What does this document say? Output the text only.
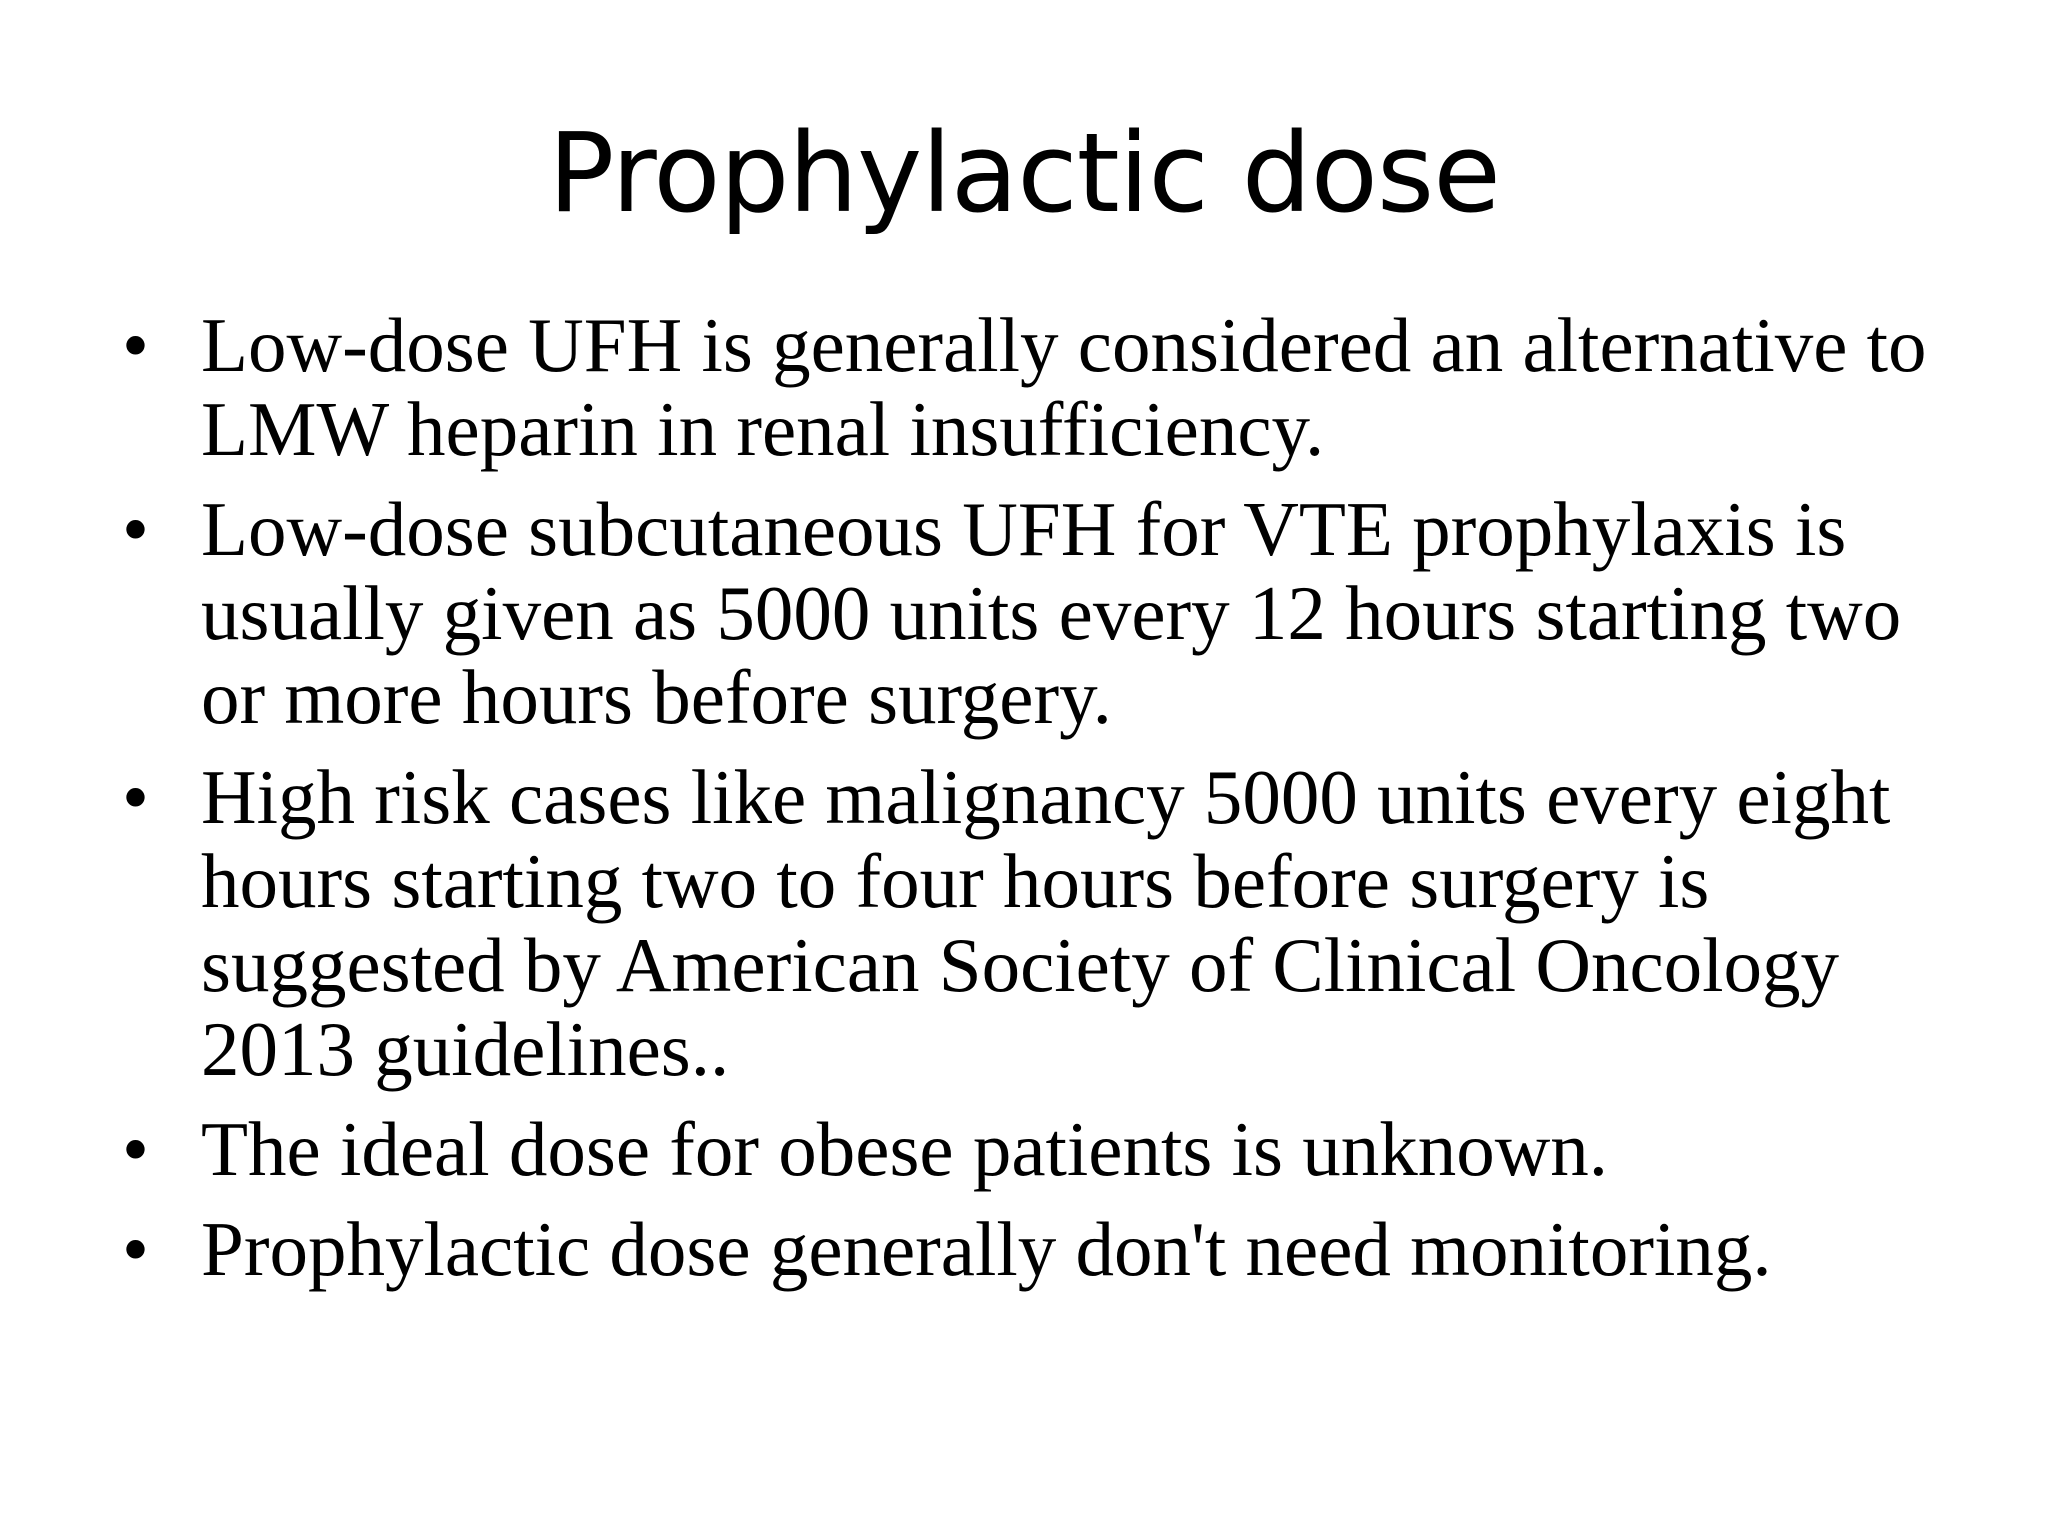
Prophylactic dose
• Low-dose UFH is generally considered an alternative to LMW heparin in renal insufficiency.
• Low-dose subcutaneous UFH for VTE prophylaxis is usually given as 5000 units every 12 hours starting two or more hours before surgery.
• High risk cases like malignancy 5000 units every eight hours starting two to four hours before surgery is suggested by American Society of Clinical Oncology 2013 guidelines..
• The ideal dose for obese patients is unknown.
• Prophylactic dose generally don't need monitoring.
